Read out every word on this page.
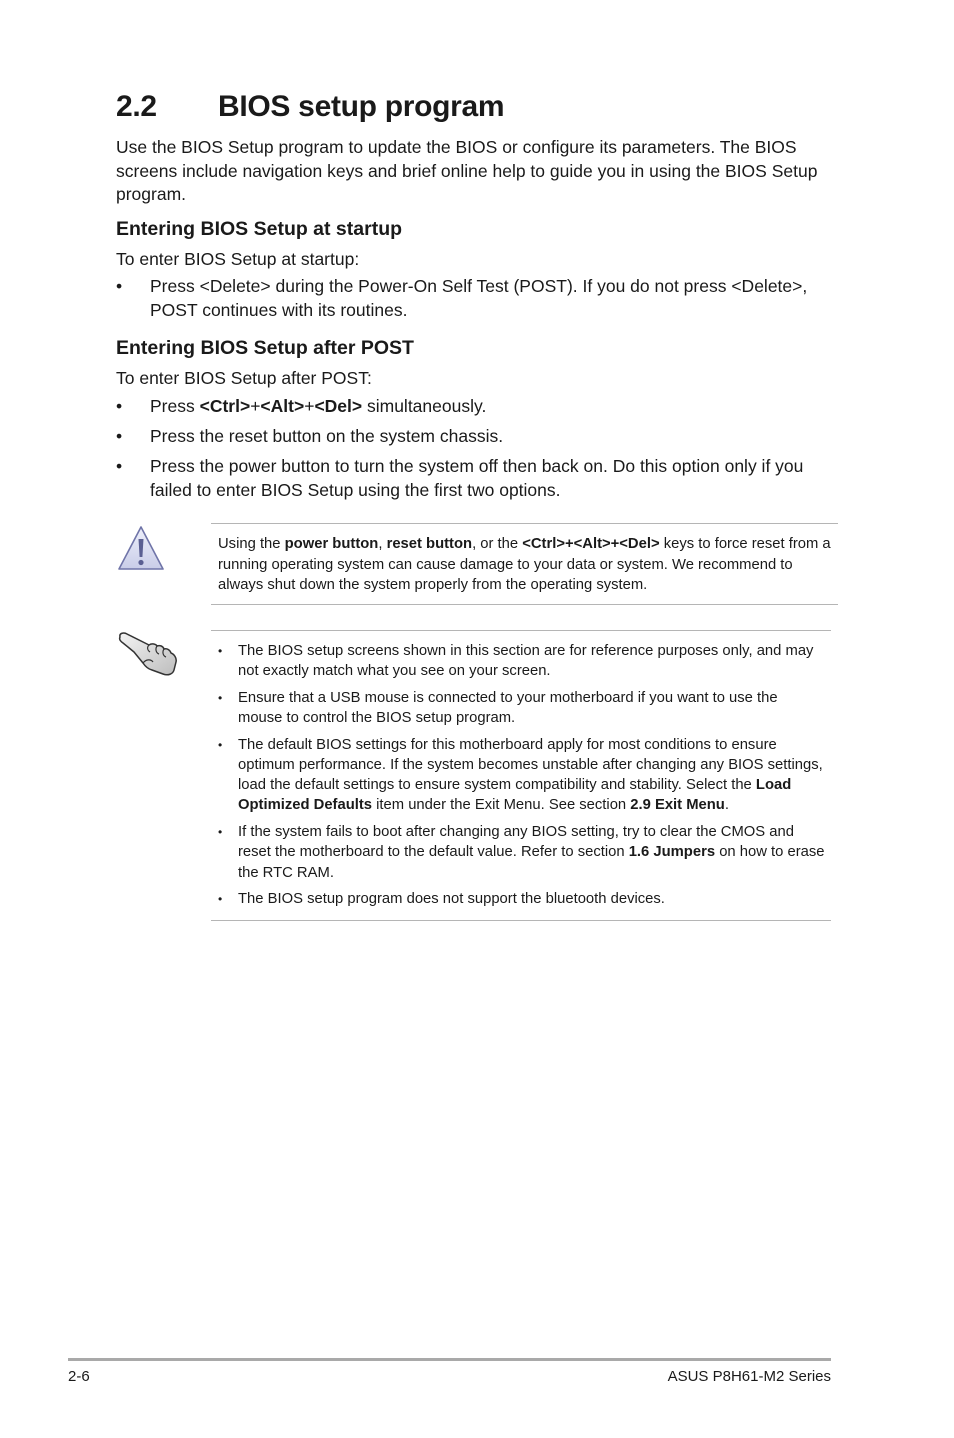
2.2 BIOS setup program

Use the BIOS Setup program to update the BIOS or configure its parameters. The BIOS screens include navigation keys and brief online help to guide you in using the BIOS Setup program.

Entering BIOS Setup at startup

To enter BIOS Setup at startup:

• Press <Delete> during the Power-On Self Test (POST). If you do not press <Delete>, POST continues with its routines.
Entering BIOS Setup after POST

To enter BIOS Setup after POST:

• Press <Ctrl>+<Alt>+<Del> simultaneously.
• Press the reset button on the system chassis.
• Press the power button to turn the system off then back on. Do this option only if you failed to enter BIOS Setup using the first two options.

Using the power button, reset button, or the <Ctrl>+<Alt>+<Del> keys to force reset from a running operating system can cause damage to your data or system. We recommend to always shut down the system properly from the operating system.

• The BIOS setup screens shown in this section are for reference purposes only, and may not exactly match what you see on your screen.
• Ensure that a USB mouse is connected to your motherboard if you want to use the mouse to control the BIOS setup program.
• The default BIOS settings for this motherboard apply for most conditions to ensure optimum performance. If the system becomes unstable after changing any BIOS settings, load the default settings to ensure system compatibility and stability. Select the Load Optimized Defaults item under the Exit Menu. See section 2.9 Exit Menu.
• If the system fails to boot after changing any BIOS setting, try to clear the CMOS and reset the motherboard to the default value. Refer to section 1.6 Jumpers on how to erase the RTC RAM.
• The BIOS setup program does not support the bluetooth devices.
2-6	ASUS P8H61-M2 Series
